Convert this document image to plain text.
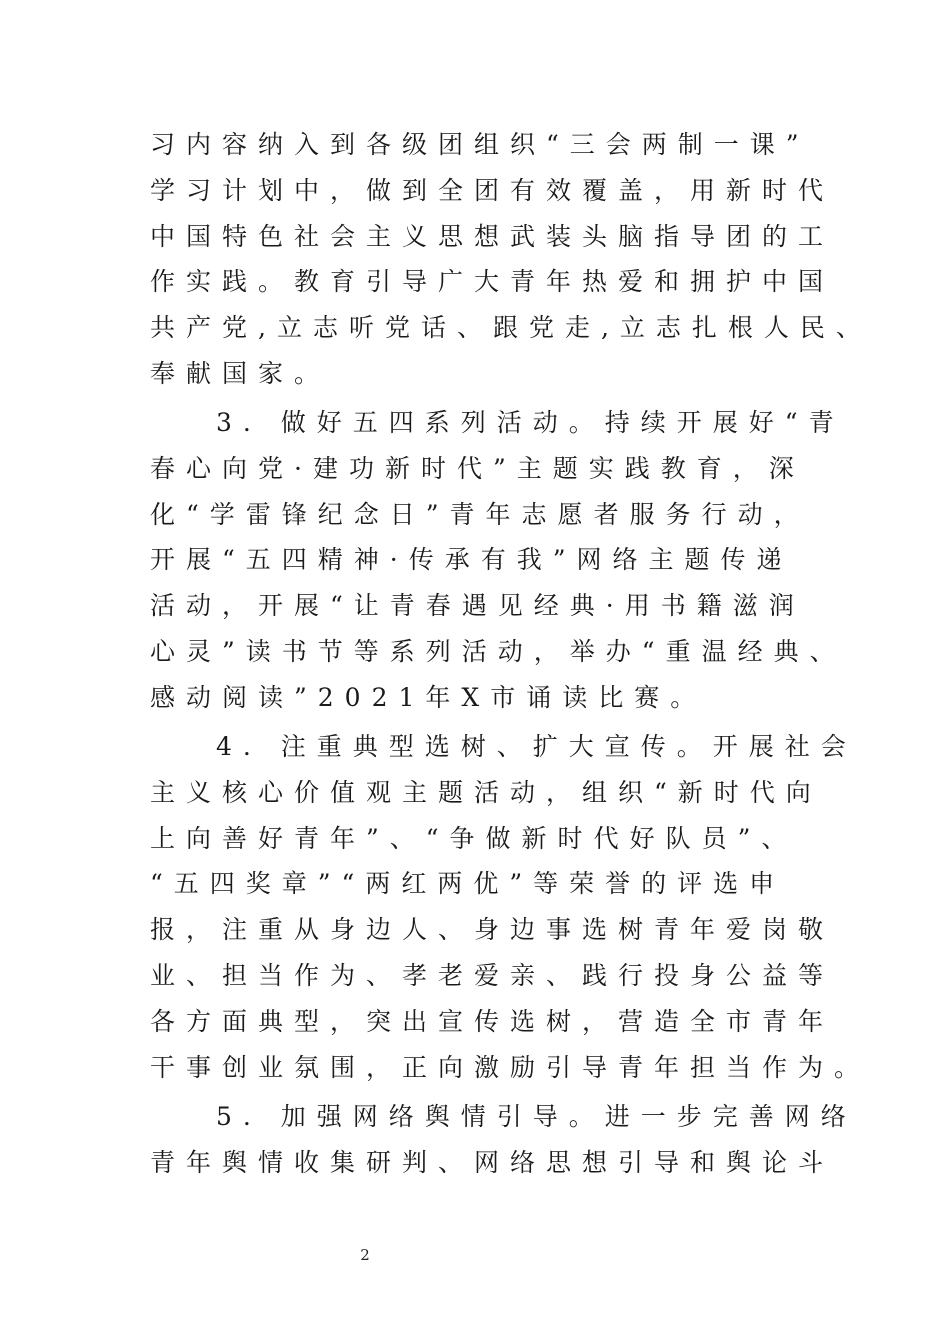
习内容纳入到各级团组织“三会两制一课”
学习计划中，做到全团有效覆盖，用新时代
中国特色社会主义思想武装头脑指导团的工
作实践。教育引导广大青年热爱和拥护中国
共产党,立志听党话、跟党走,立志扎根人民、
奉献国家。
3. 做好五四系列活动。持续开展好“青
春心向党·建功新时代”主题实践教育，深
化“学雷锋纪念日”青年志愿者服务行动，
开展“五四精神·传承有我”网络主题传递
活动，开展“让青春遇见经典·用书籍滋润
心灵”读书节等系列活动，举办“重温经典、
感动阅读”2021年X市诵读比赛。
4. 注重典型选树、扩大宣传。开展社会
主义核心价值观主题活动，组织“新时代向
上向善好青年”、“争做新时代好队员”、
“五四奖章”“两红两优”等荣誉的评选申
报，注重从身边人、身边事选树青年爱岗敬
业、担当作为、孝老爱亲、践行投身公益等
各方面典型，突出宣传选树，营造全市青年
干事创业氛围，正向激励引导青年担当作为。
5. 加强网络舆情引导。进一步完善网络
青年舆情收集研判、网络思想引导和舆论斗
2
